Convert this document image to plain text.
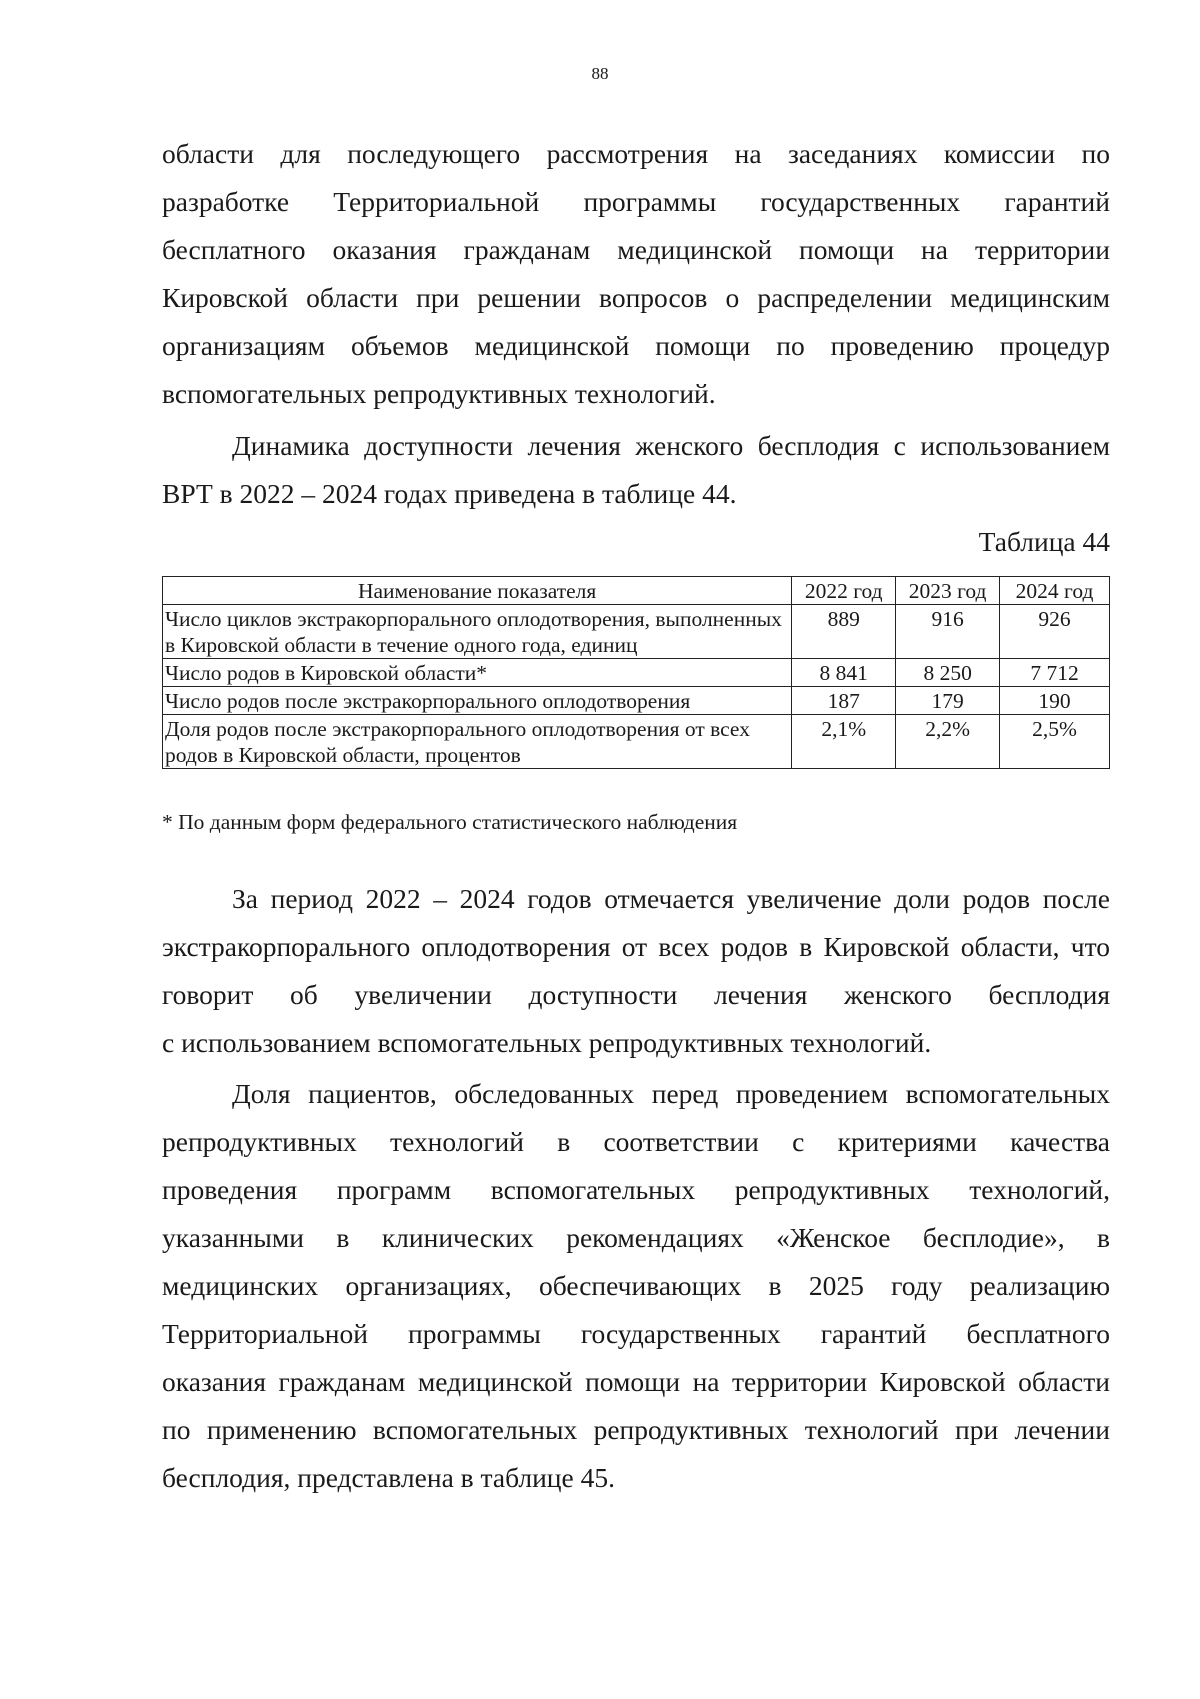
88
области для последующего рассмотрения на заседаниях комиссии по
разработке Территориальной программы государственных гарантий
бесплатного оказания гражданам медицинской помощи на территории
Кировской области при решении вопросов о распределении медицинским
организациям объемов медицинской помощи по проведению процедур
вспомогательных репродуктивных технологий.
Динамика доступности лечения женского бесплодия с использованием
ВРТ в 2022 – 2024 годах приведена в таблице 44.
Таблица 44
Наименование показателя	2022 год	2023 год	2024 год
Число циклов экстракорпорального оплодотворения, выполненных в Кировской области в течение одного года, единиц	889	916	926
Число родов в Кировской области*	8 841	8 250	7 712
Число родов после экстракорпорального оплодотворения	187	179	190
Доля родов после экстракорпорального оплодотворения от всех родов в Кировской области, процентов	2,1%	2,2%	2,5%
* По данным форм федерального статистического наблюдения
За период 2022 – 2024 годов отмечается увеличение доли родов после
экстракорпорального оплодотворения от всех родов в Кировской области, что
говорит об увеличении доступности лечения женского бесплодия
с использованием вспомогательных репродуктивных технологий.
Доля пациентов, обследованных перед проведением вспомогательных
репродуктивных технологий в соответствии с критериями качества
проведения программ вспомогательных репродуктивных технологий,
указанными в клинических рекомендациях «Женское бесплодие», в
медицинских организациях, обеспечивающих в 2025 году реализацию
Территориальной программы государственных гарантий бесплатного
оказания гражданам медицинской помощи на территории Кировской области
по применению вспомогательных репродуктивных технологий при лечении
бесплодия, представлена в таблице 45.
